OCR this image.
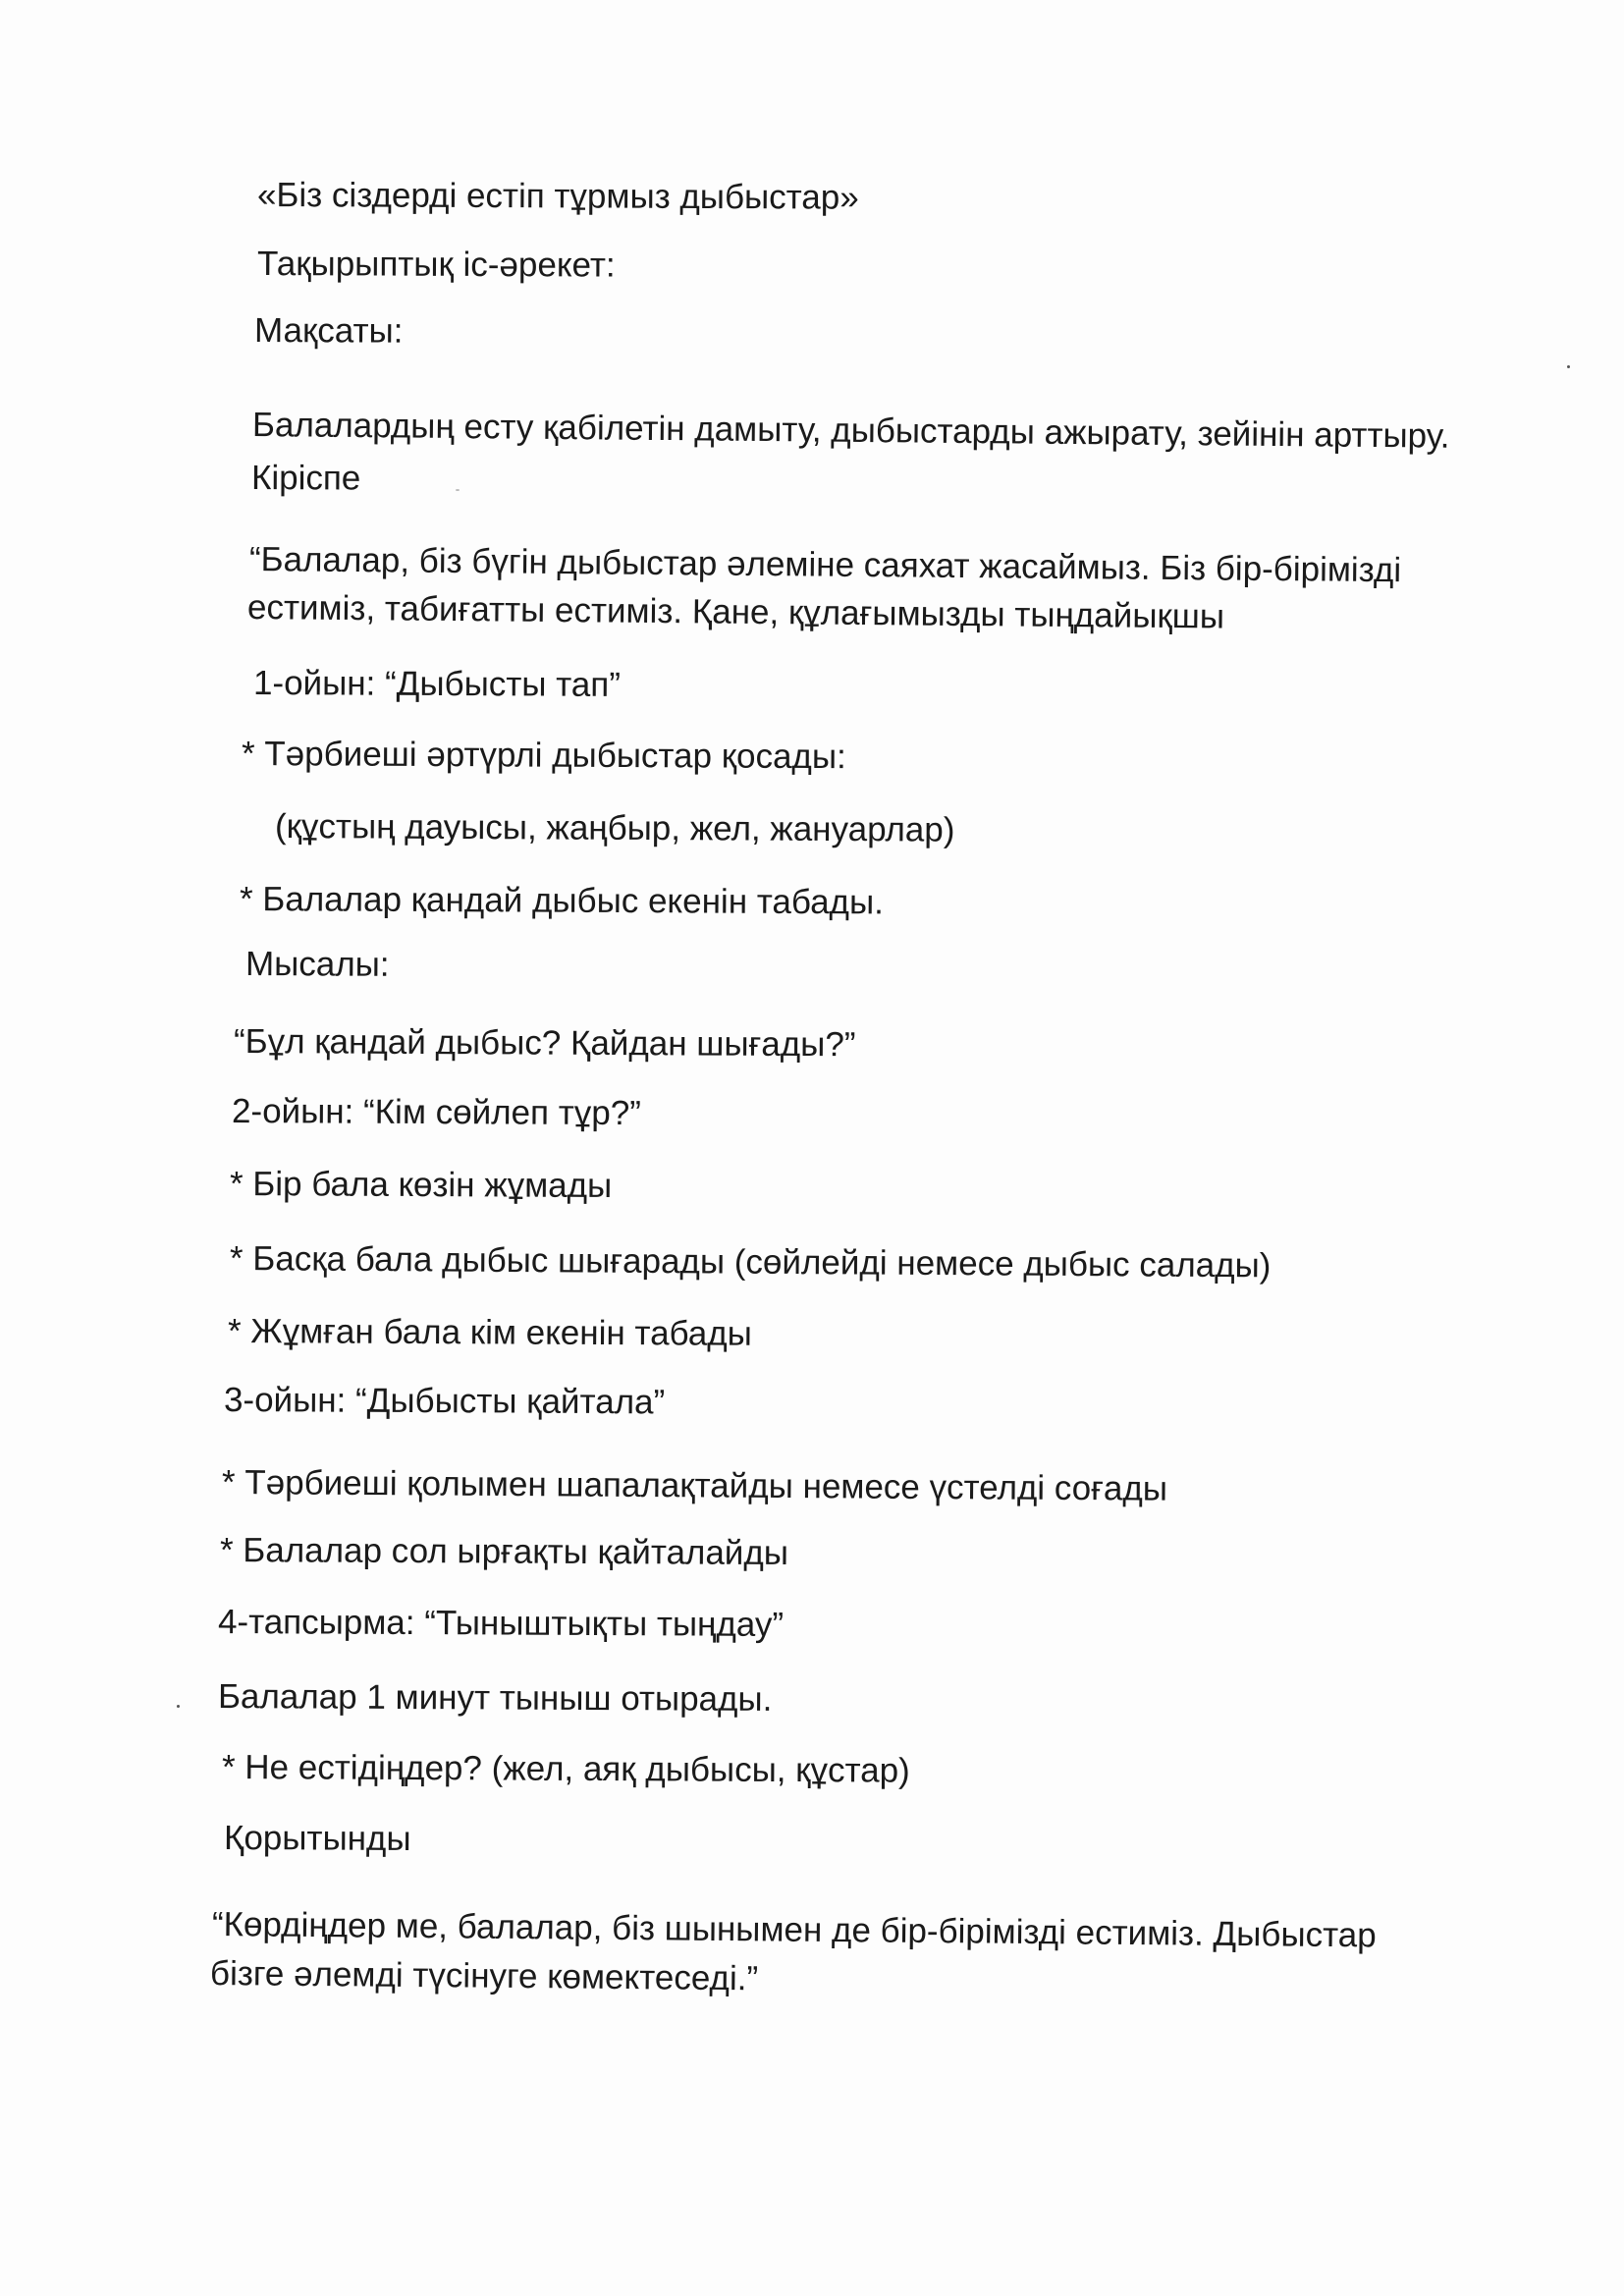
«Біз сіздерді естіп тұрмыз дыбыстар»
Тақырыптық іс-әрекет:
Мақсаты:
Балалардың есту қабілетін дамыту, дыбыстарды ажырату, зейінін арттыру.
Кіріспе
“Балалар, біз бүгін дыбыстар әлеміне саяхат жасаймыз. Біз бір-бірімізді
естиміз, табиғатты естиміз. Қане, құлағымызды тыңдайықшы
1-ойын: “Дыбысты тап”
* Тәрбиеші әртүрлі дыбыстар қосады:
(құстың дауысы, жаңбыр, жел, жануарлар)
* Балалар қандай дыбыс екенін табады.
Мысалы:
“Бұл қандай дыбыс? Қайдан шығады?”
2-ойын: “Кім сөйлеп тұр?”
* Бір бала көзін жұмады
* Басқа бала дыбыс шығарады (сөйлейді немесе дыбыс салады)
* Жұмған бала кім екенін табады
3-ойын: “Дыбысты қайтала”
* Тәрбиеші қолымен шапалақтайды немесе үстелді соғады
* Балалар сол ырғақты қайталайды
4-тапсырма: “Тыныштықты тыңдау”
Балалар 1 минут тыныш отырады.
* Не естідіңдер? (жел, аяқ дыбысы, құстар)
Қорытынды
“Көрдіңдер ме, балалар, біз шынымен де бір-бірімізді естиміз. Дыбыстар
бізге әлемді түсінуге көмектеседі.”
